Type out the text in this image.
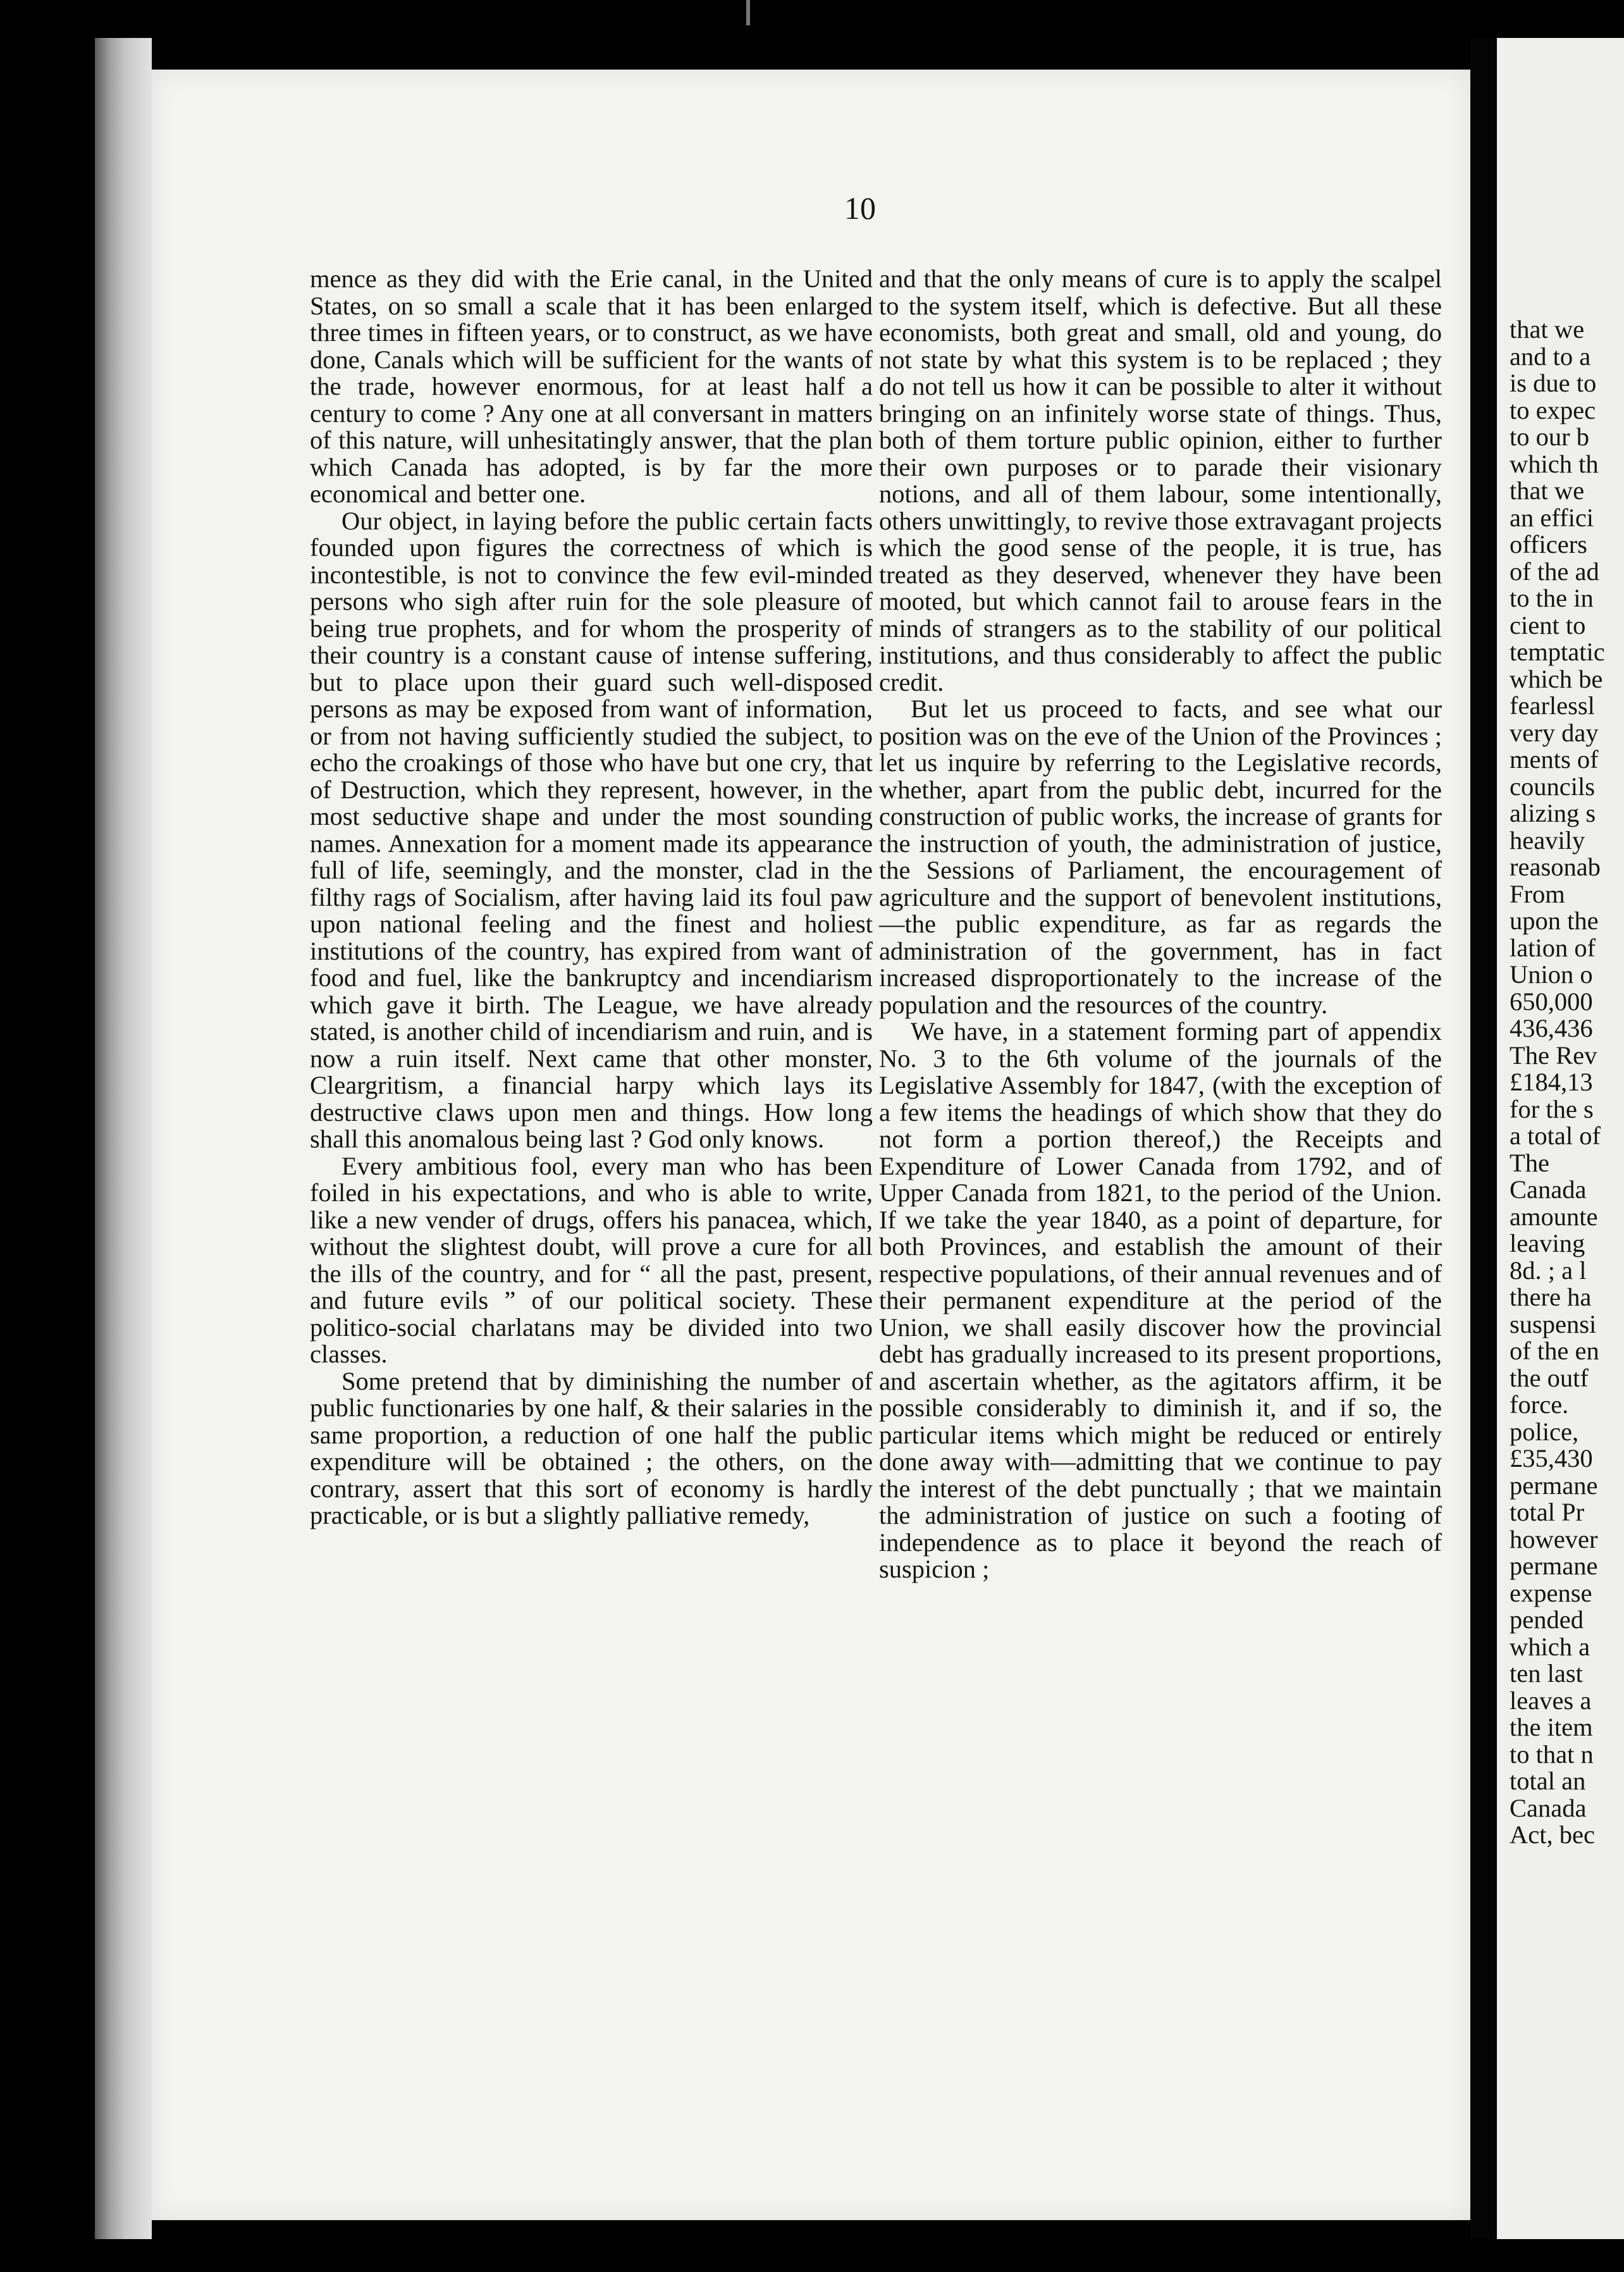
10

mence as they did with the Erie canal, in the United States, on so small a scale that it has been enlarged three times in fifteen years, or to construct, as we have done, Canals which will be sufficient for the wants of the trade, however enormous, for at least half a century to come ? Any one at all conversant in matters of this nature, will unhesitatingly answer, that the plan which Canada has adopted, is by far the more economical and better one.

Our object, in laying before the public certain facts founded upon figures the correctness of which is incontestible, is not to convince the few evil-minded persons who sigh after ruin for the sole pleasure of being true prophets, and for whom the prosperity of their country is a constant cause of intense suffering, but to place upon their guard such well-disposed persons as may be exposed from want of information, or from not having sufficiently studied the subject, to echo the croakings of those who have but one cry, that of Destruction, which they represent, however, in the most seductive shape and under the most sounding names. Annexation for a moment made its appearance full of life, seemingly, and the monster, clad in the filthy rags of Socialism, after having laid its foul paw upon national feeling and the finest and holiest institutions of the country, has expired from want of food and fuel, like the bankruptcy and incendiarism which gave it birth. The League, we have already stated, is another child of incendiarism and ruin, and is now a ruin itself. Next came that other monster, Cleargritism, a financial harpy which lays its destructive claws upon men and things. How long shall this anomalous being last ? God only knows.

Every ambitious fool, every man who has been foiled in his expectations, and who is able to write, like a new vender of drugs, offers his panacea, which, without the slightest doubt, will prove a cure for all the ills of the country, and for “ all the past, present, and future evils ” of our political society. These politico-social charlatans may be divided into two classes.

Some pretend that by diminishing the number of public functionaries by one half, & their salaries in the same proportion, a reduction of one half the public expenditure will be obtained ; the others, on the contrary, assert that this sort of economy is hardly practicable, or is but a slightly palliative remedy,

and that the only means of cure is to apply the scalpel to the system itself, which is defective. But all these economists, both great and small, old and young, do not state by what this system is to be replaced ; they do not tell us how it can be possible to alter it without bringing on an infinitely worse state of things. Thus, both of them torture public opinion, either to further their own purposes or to parade their visionary notions, and all of them labour, some intentionally, others unwittingly, to revive those extravagant projects which the good sense of the people, it is true, has treated as they deserved, whenever they have been mooted, but which cannot fail to arouse fears in the minds of strangers as to the stability of our political institutions, and thus considerably to affect the public credit.

But let us proceed to facts, and see what our position was on the eve of the Union of the Provinces ; let us inquire by referring to the Legislative records, whether, apart from the public debt, incurred for the construction of public works, the increase of grants for the instruction of youth, the administration of justice, the Sessions of Parliament, the encouragement of agriculture and the support of benevolent institutions,—the public expenditure, as far as regards the administration of the government, has in fact increased disproportionately to the increase of the population and the resources of the country.

We have, in a statement forming part of appendix No. 3 to the 6th volume of the journals of the Legislative Assembly for 1847, (with the exception of a few items the headings of which show that they do not form a portion thereof,) the Receipts and Expenditure of Lower Canada from 1792, and of Upper Canada from 1821, to the period of the Union. If we take the year 1840, as a point of departure, for both Provinces, and establish the amount of their respective populations, of their annual revenues and of their permanent expenditure at the period of the Union, we shall easily discover how the provincial debt has gradually increased to its present proportions, and ascertain whether, as the agitators affirm, it be possible considerably to diminish it, and if so, the particular items which might be reduced or entirely done away with—admitting that we continue to pay the interest of the debt punctually ; that we maintain the administration of justice on such a footing of independence as to place it beyond the reach of suspicion ;

that we
and to a
is due to
to expec
to our b
which th
that we
an effici
officers
of the ad
to the in
cient to
temptatic
which be
fearlessl
very day
ments of
councils
alizing s
heavily
reasonab
From
upon the
lation of
Union o
650,000
436,436
The Rev
£184,13
for the s
a total of
The
Canada
amounte
leaving
8d. ; a l
there ha
suspensi
of the en
the outf
force.
police,
£35,430
permane
total Pr
however
permane
expense
pended
which a
ten last
leaves a
the item
to that n
total an
Canada
Act, bec
